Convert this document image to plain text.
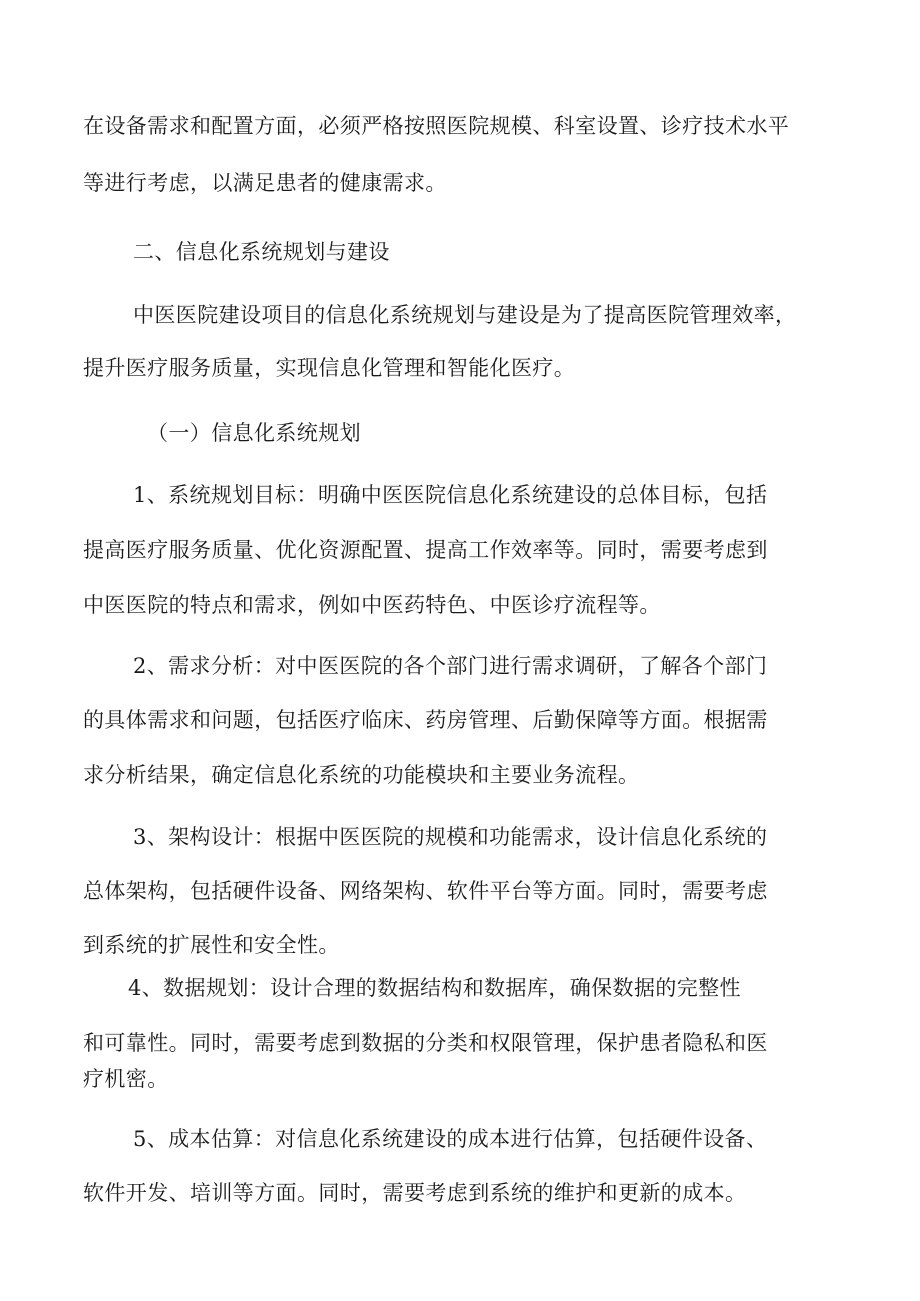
在设备需求和配置方面，必须严格按照医院规模、科室设置、诊疗技术水平
等进行考虑，以满足患者的健康需求。
二、信息化系统规划与建设
中医医院建设项目的信息化系统规划与建设是为了提高医院管理效率，
提升医疗服务质量，实现信息化管理和智能化医疗。
（一）信息化系统规划
1、系统规划目标：明确中医医院信息化系统建设的总体目标，包括
提高医疗服务质量、优化资源配置、提高工作效率等。同时，需要考虑到
中医医院的特点和需求，例如中医药特色、中医诊疗流程等。
2、需求分析：对中医医院的各个部门进行需求调研，了解各个部门
的具体需求和问题，包括医疗临床、药房管理、后勤保障等方面。根据需
求分析结果，确定信息化系统的功能模块和主要业务流程。
3、架构设计：根据中医医院的规模和功能需求，设计信息化系统的
总体架构，包括硬件设备、网络架构、软件平台等方面。同时，需要考虑
到系统的扩展性和安全性。
4、数据规划：设计合理的数据结构和数据库，确保数据的完整性
和可靠性。同时，需要考虑到数据的分类和权限管理，保护患者隐私和医
疗机密。
5、成本估算：对信息化系统建设的成本进行估算，包括硬件设备、
软件开发、培训等方面。同时，需要考虑到系统的维护和更新的成本。
